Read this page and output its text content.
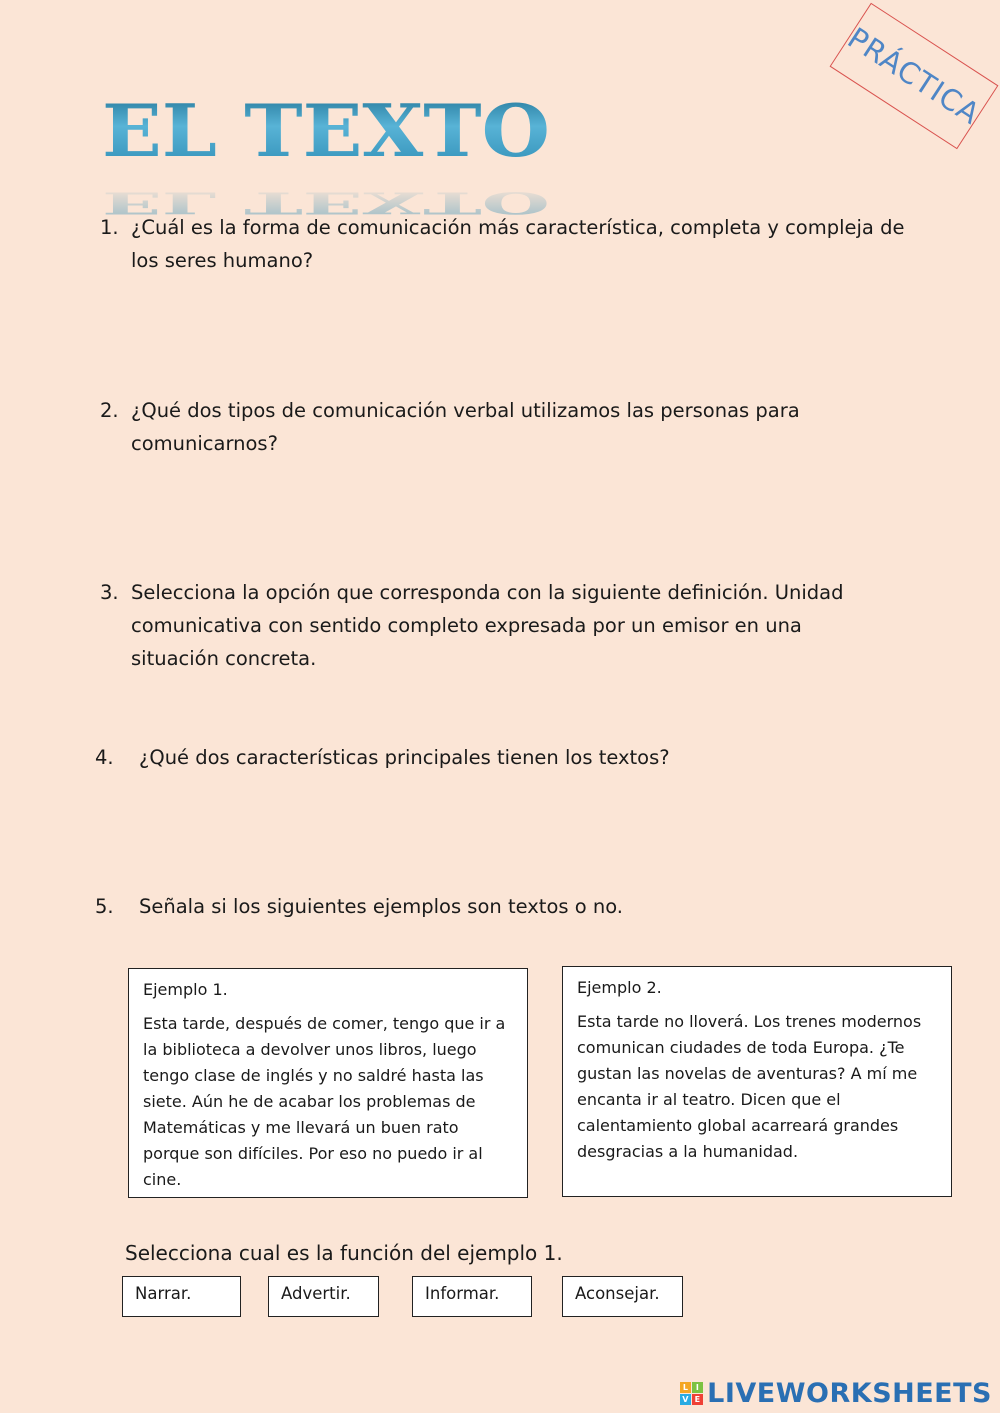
EL TEXTO
EL TEXTO
PRÁCTICA
1. ¿Cuál es la forma de comunicación más característica, completa y compleja de los seres humano?
2. ¿Qué dos tipos de comunicación verbal utilizamos las personas para comunicarnos?
3. Selecciona la opción que corresponda con la siguiente definición. Unidad comunicativa con sentido completo expresada por un emisor en una situación concreta.
4. ¿Qué dos características principales tienen los textos?
5. Señala si los siguientes ejemplos son textos o no.
Ejemplo 1.
Esta tarde, después de comer, tengo que ir a la biblioteca a devolver unos libros, luego tengo clase de inglés y no saldré hasta las siete. Aún he de acabar los problemas de Matemáticas y me llevará un buen rato porque son difíciles. Por eso no puedo ir al cine.
Ejemplo 2.
Esta tarde no lloverá. Los trenes modernos comunican ciudades de toda Europa. ¿Te gustan las novelas de aventuras? A mí me encanta ir al teatro. Dicen que el calentamiento global acarreará grandes desgracias a la humanidad.
Selecciona cual es la función del ejemplo 1.
Narrar.	Advertir.	Informar.	Aconsejar.
L I
V E LIVEWORKSHEETS
